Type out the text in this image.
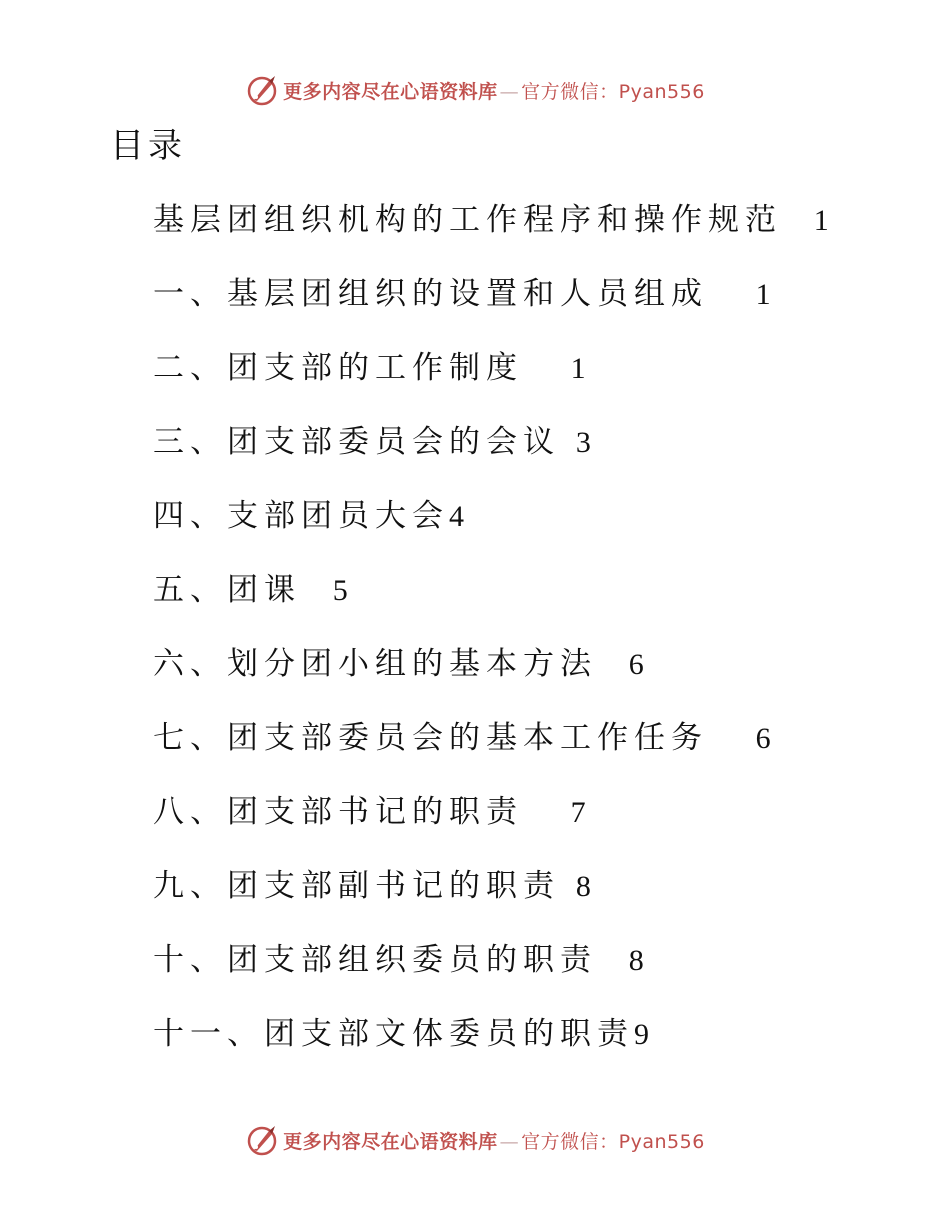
更多内容尽在心语资料库 — 官方微信：Pyan556
目录
基层团组织机构的工作程序和操作规范 1
一、基层团组织的设置和人员组成 1
二、团支部的工作制度 1
三、团支部委员会的会议 3
四、支部团员大会4
五、团课 5
六、划分团小组的基本方法 6
七、团支部委员会的基本工作任务 6
八、团支部书记的职责 7
九、团支部副书记的职责 8
十、团支部组织委员的职责 8
十一、团支部文体委员的职责9
更多内容尽在心语资料库 — 官方微信：Pyan556
